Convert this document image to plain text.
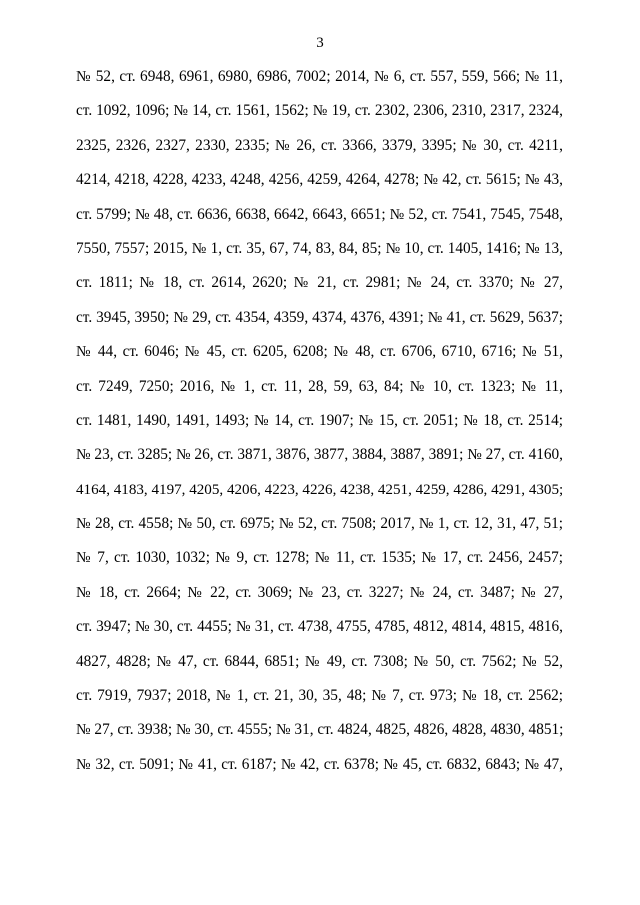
3
№ 52, ст. 6948, 6961, 6980, 6986, 7002; 2014, № 6, ст. 557, 559, 566; № 11,
ст. 1092, 1096; № 14, ст. 1561, 1562; № 19, ст. 2302, 2306, 2310, 2317, 2324,
2325, 2326, 2327, 2330, 2335; № 26, ст. 3366, 3379, 3395; № 30, ст. 4211,
4214, 4218, 4228, 4233, 4248, 4256, 4259, 4264, 4278; № 42, ст. 5615; № 43,
ст. 5799; № 48, ст. 6636, 6638, 6642, 6643, 6651; № 52, ст. 7541, 7545, 7548,
7550, 7557; 2015, № 1, ст. 35, 67, 74, 83, 84, 85; № 10, ст. 1405, 1416; № 13,
ст. 1811; № 18, ст. 2614, 2620; № 21, ст. 2981; № 24, ст. 3370; № 27,
ст. 3945, 3950; № 29, ст. 4354, 4359, 4374, 4376, 4391; № 41, ст. 5629, 5637;
№ 44, ст. 6046; № 45, ст. 6205, 6208; № 48, ст. 6706, 6710, 6716; № 51,
ст. 7249, 7250; 2016, № 1, ст. 11, 28, 59, 63, 84; № 10, ст. 1323; № 11,
ст. 1481, 1490, 1491, 1493; № 14, ст. 1907; № 15, ст. 2051; № 18, ст. 2514;
№ 23, ст. 3285; № 26, ст. 3871, 3876, 3877, 3884, 3887, 3891; № 27, ст. 4160,
4164, 4183, 4197, 4205, 4206, 4223, 4226, 4238, 4251, 4259, 4286, 4291, 4305;
№ 28, ст. 4558; № 50, ст. 6975; № 52, ст. 7508; 2017, № 1, ст. 12, 31, 47, 51;
№ 7, ст. 1030, 1032; № 9, ст. 1278; № 11, ст. 1535; № 17, ст. 2456, 2457;
№ 18, ст. 2664; № 22, ст. 3069; № 23, ст. 3227; № 24, ст. 3487; № 27,
ст. 3947; № 30, ст. 4455; № 31, ст. 4738, 4755, 4785, 4812, 4814, 4815, 4816,
4827, 4828; № 47, ст. 6844, 6851; № 49, ст. 7308; № 50, ст. 7562; № 52,
ст. 7919, 7937; 2018, № 1, ст. 21, 30, 35, 48; № 7, ст. 973; № 18, ст. 2562;
№ 27, ст. 3938; № 30, ст. 4555; № 31, ст. 4824, 4825, 4826, 4828, 4830, 4851;
№ 32, ст. 5091; № 41, ст. 6187; № 42, ст. 6378; № 45, ст. 6832, 6843; № 47,
